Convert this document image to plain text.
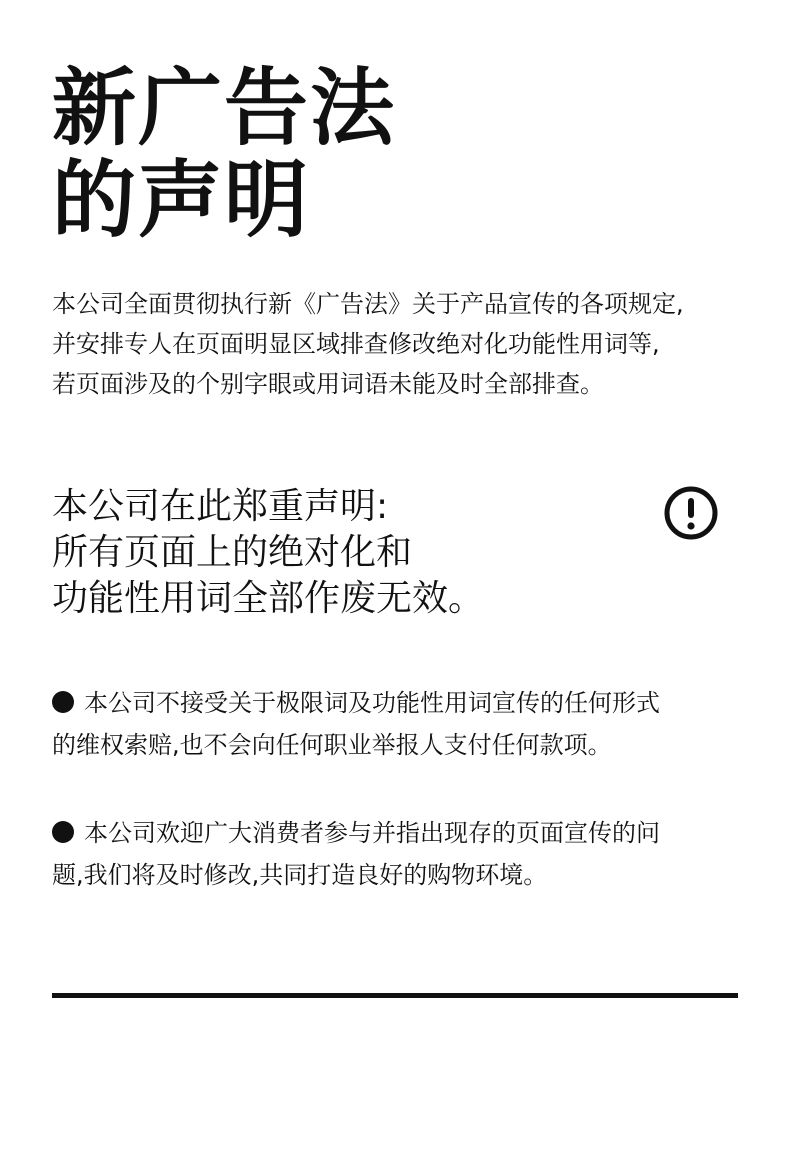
新广告法
的声明

本公司全面贯彻执行新《广告法》关于产品宣传的各项规定,
并安排专人在页面明显区域排查修改绝对化功能性用词等,
若页面涉及的个别字眼或用词语未能及时全部排查。

本公司在此郑重声明:
所有页面上的绝对化和
功能性用词全部作废无效。

本公司不接受关于极限词及功能性用词宣传的任何形式
的维权索赔,也不会向任何职业举报人支付任何款项。

本公司欢迎广大消费者参与并指出现存的页面宣传的问
题,我们将及时修改,共同打造良好的购物环境。
